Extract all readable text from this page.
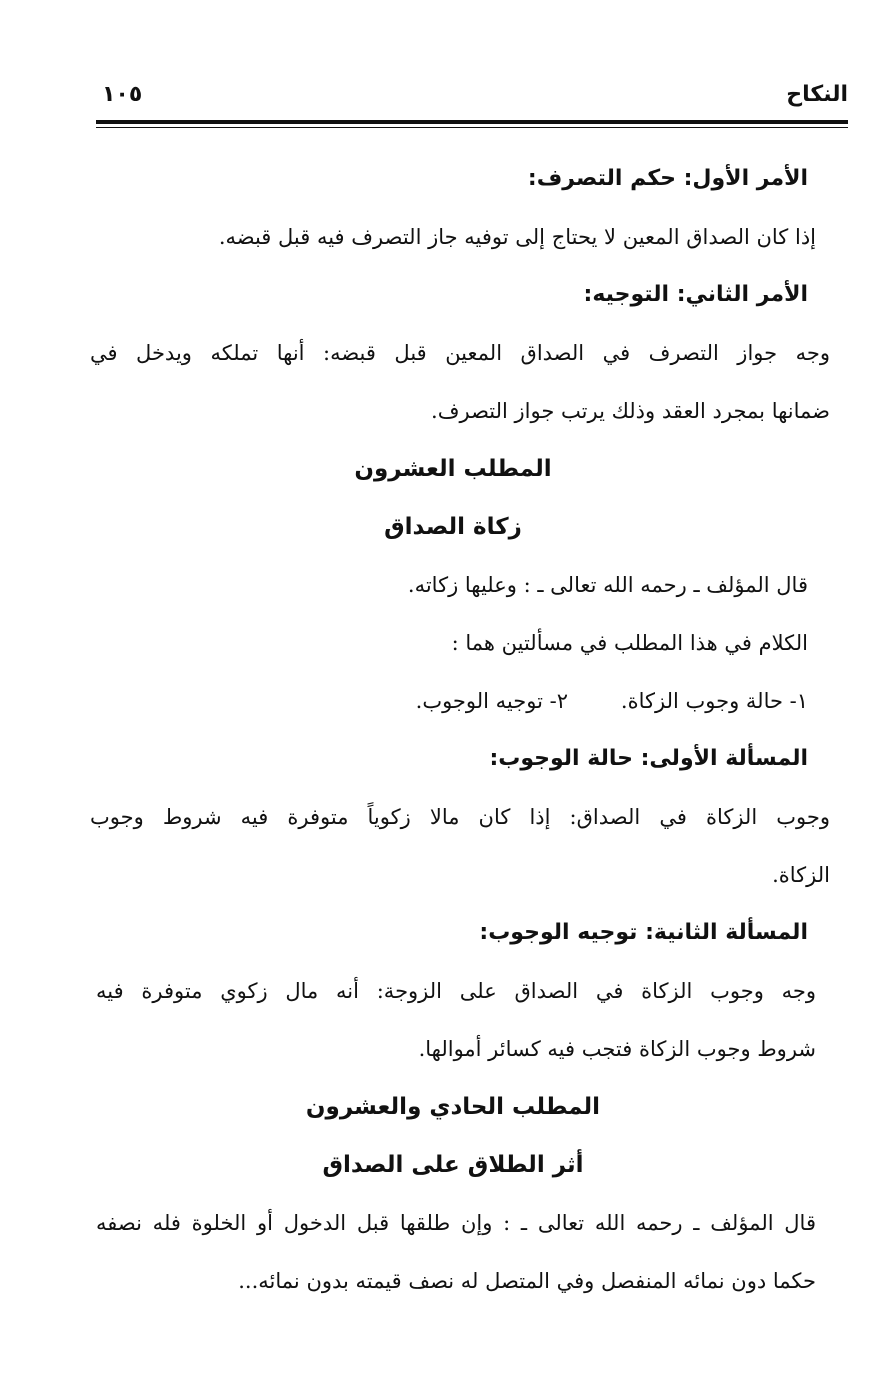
النكاح
١٠٥
الأمر الأول: حكم التصرف:
إذا كان الصداق المعين لا يحتاج إلى توفيه جاز التصرف فيه قبل قبضه.
الأمر الثاني: التوجيه:
وجه جواز التصرف في الصداق المعين قبل قبضه: أنها تملكه ويدخل في
ضمانها بمجرد العقد وذلك يرتب جواز التصرف.
المطلب العشرون
زكاة الصداق
قال المؤلف ـ رحمه الله تعالى ـ : وعليها زكاته.
الكلام في هذا المطلب في مسألتين هما :
١- حالة وجوب الزكاة.
٢- توجيه الوجوب.
المسألة الأولى: حالة الوجوب:
وجوب الزكاة في الصداق: إذا كان مالا زكوياً متوفرة فيه شروط وجوب
الزكاة.
المسألة الثانية: توجيه الوجوب:
وجه وجوب الزكاة في الصداق على الزوجة: أنه مال زكوي متوفرة فيه
شروط وجوب الزكاة فتجب فيه كسائر أموالها.
المطلب الحادي والعشرون
أثر الطلاق على الصداق
قال المؤلف ـ رحمه الله تعالى ـ : وإن طلقها قبل الدخول أو الخلوة فله نصفه
حكما دون نمائه المنفصل وفي المتصل له نصف قيمته بدون نمائه...
